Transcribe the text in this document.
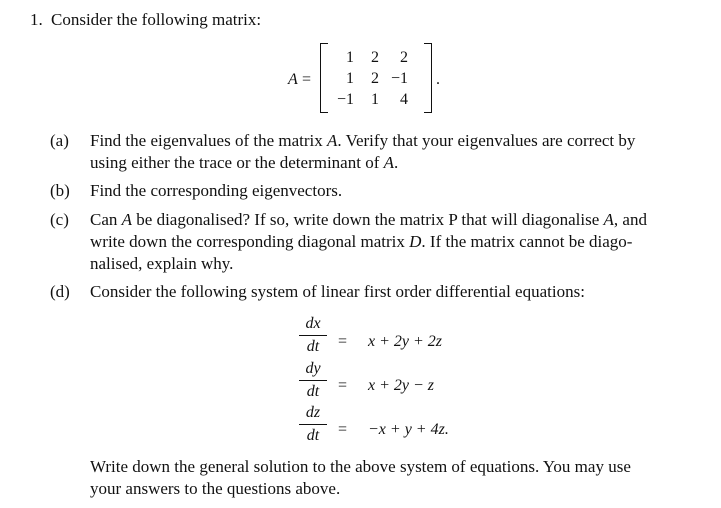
1. Consider the following matrix:
A =
1	2	2
1	2 −1
−1	1	4
.
(a) Find the eigenvalues of the matrix A. Verify that your eigenvalues are correct by
using either the trace or the determinant of A.
(b) Find the corresponding eigenvectors.
(c) Can A be diagonalised? If so, write down the matrix P that will diagonalise A, and
write down the corresponding diagonal matrix D. If the matrix cannot be diago-
nalised, explain why.
(d) Consider the following system of linear first order differential equations:
dx
dt	= x + 2y + 2z
dy
dt	= x + 2y − z
dz
dt	= −x + y + 4z.
Write down the general solution to the above system of equations. You may use
your answers to the questions above.
